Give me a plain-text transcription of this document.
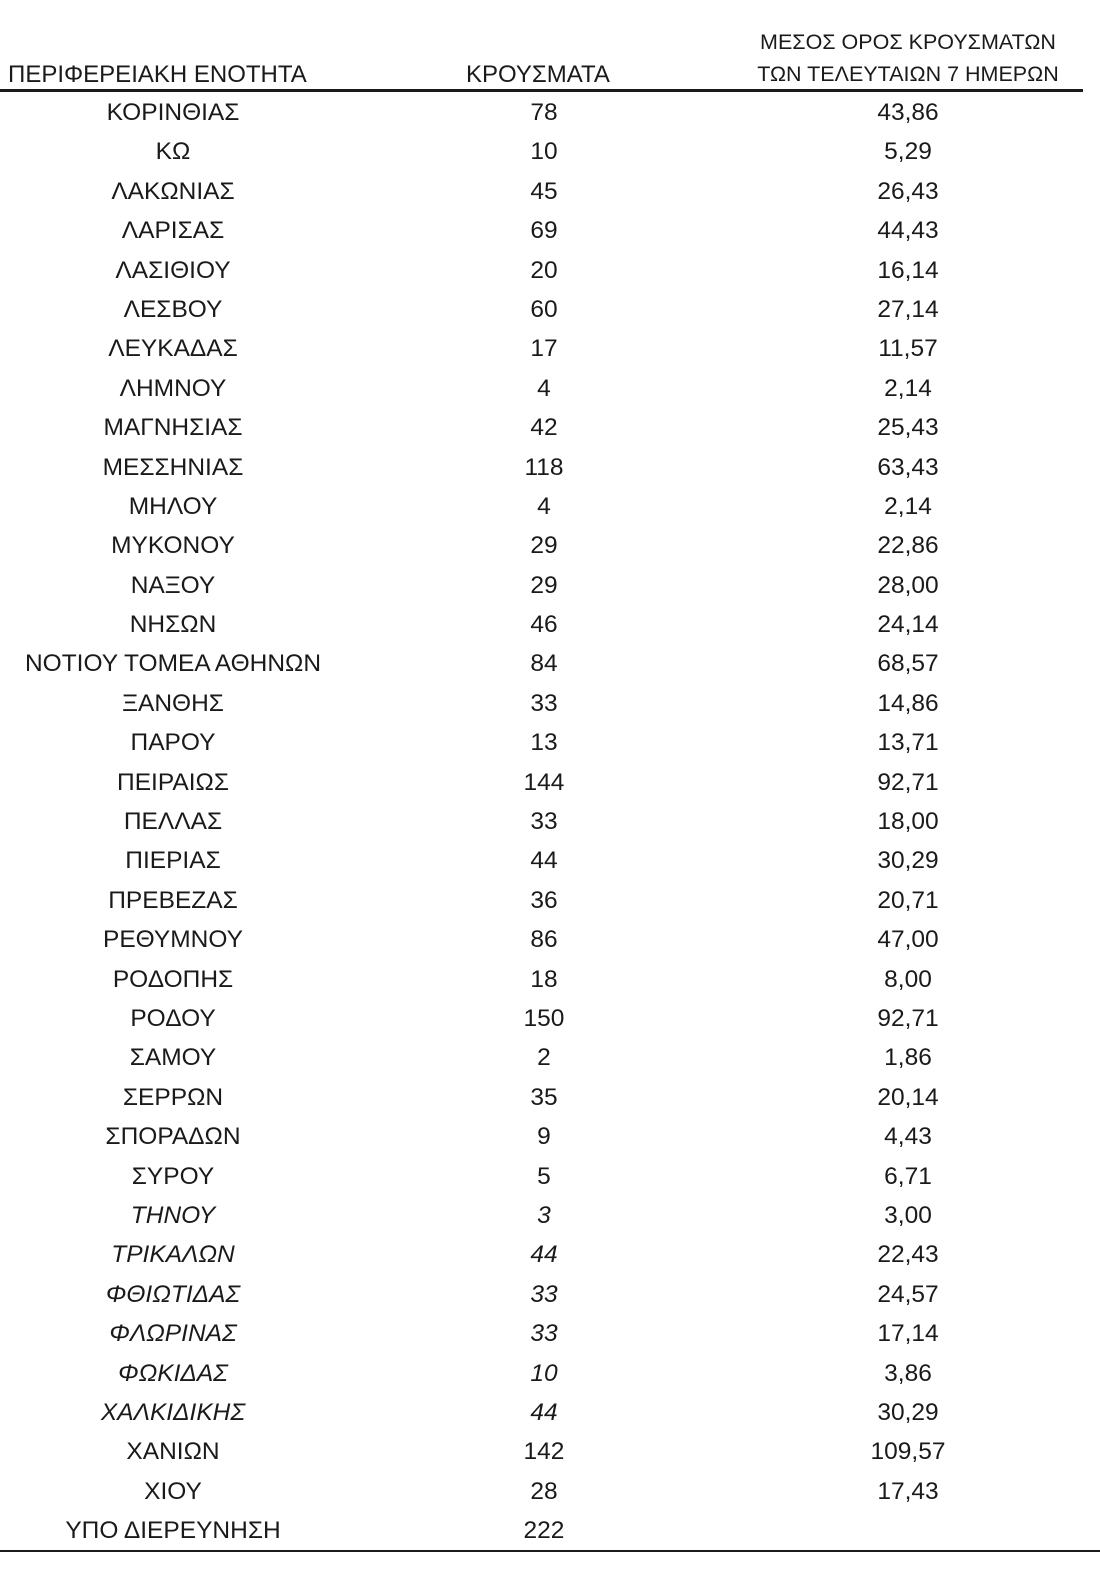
ΠΕΡΙΦΕΡΕΙΑΚΗ ΕΝΟΤΗΤΑ	ΚΡΟΥΣΜΑΤΑ
ΜΕΣΟΣ ΟΡΟΣ ΚΡΟΥΣΜΑΤΩΝ
ΤΩΝ ΤΕΛΕΥΤΑΙΩΝ 7 ΗΜΕΡΩΝ
ΚΟΡΙΝΘΙΑΣ	78	43,86
ΚΩ	10	5,29
ΛΑΚΩΝΙΑΣ	45	26,43
ΛΑΡΙΣΑΣ	69	44,43
ΛΑΣΙΘΙΟΥ	20	16,14
ΛΕΣΒΟΥ	60	27,14
ΛΕΥΚΑΔΑΣ	17	11,57
ΛΗΜΝΟΥ	4	2,14
ΜΑΓΝΗΣΙΑΣ	42	25,43
ΜΕΣΣΗΝΙΑΣ	118	63,43
ΜΗΛΟΥ	4	2,14
ΜΥΚΟΝΟΥ	29	22,86
ΝΑΞΟΥ	29	28,00
ΝΗΣΩΝ	46	24,14
ΝΟΤΙΟΥ ΤΟΜΕΑ ΑΘΗΝΩΝ	84	68,57
ΞΑΝΘΗΣ	33	14,86
ΠΑΡΟΥ	13	13,71
ΠΕΙΡΑΙΩΣ	144	92,71
ΠΕΛΛΑΣ	33	18,00
ΠΙΕΡΙΑΣ	44	30,29
ΠΡΕΒΕΖΑΣ	36	20,71
ΡΕΘΥΜΝΟΥ	86	47,00
ΡΟΔΟΠΗΣ	18	8,00
ΡΟΔΟΥ	150	92,71
ΣΑΜΟΥ	2	1,86
ΣΕΡΡΩΝ	35	20,14
ΣΠΟΡΑΔΩΝ	9	4,43
ΣΥΡΟΥ	5	6,71
ΤΗΝΟΥ	3	3,00
ΤΡΙΚΑΛΩΝ	44	22,43
ΦΘΙΩΤΙΔΑΣ	33	24,57
ΦΛΩΡΙΝΑΣ	33	17,14
ΦΩΚΙΔΑΣ	10	3,86
ΧΑΛΚΙΔΙΚΗΣ	44	30,29
ΧΑΝΙΩΝ	142	109,57
ΧΙΟΥ	28	17,43
ΥΠΟ ΔΙΕΡΕΥΝΗΣΗ	222
